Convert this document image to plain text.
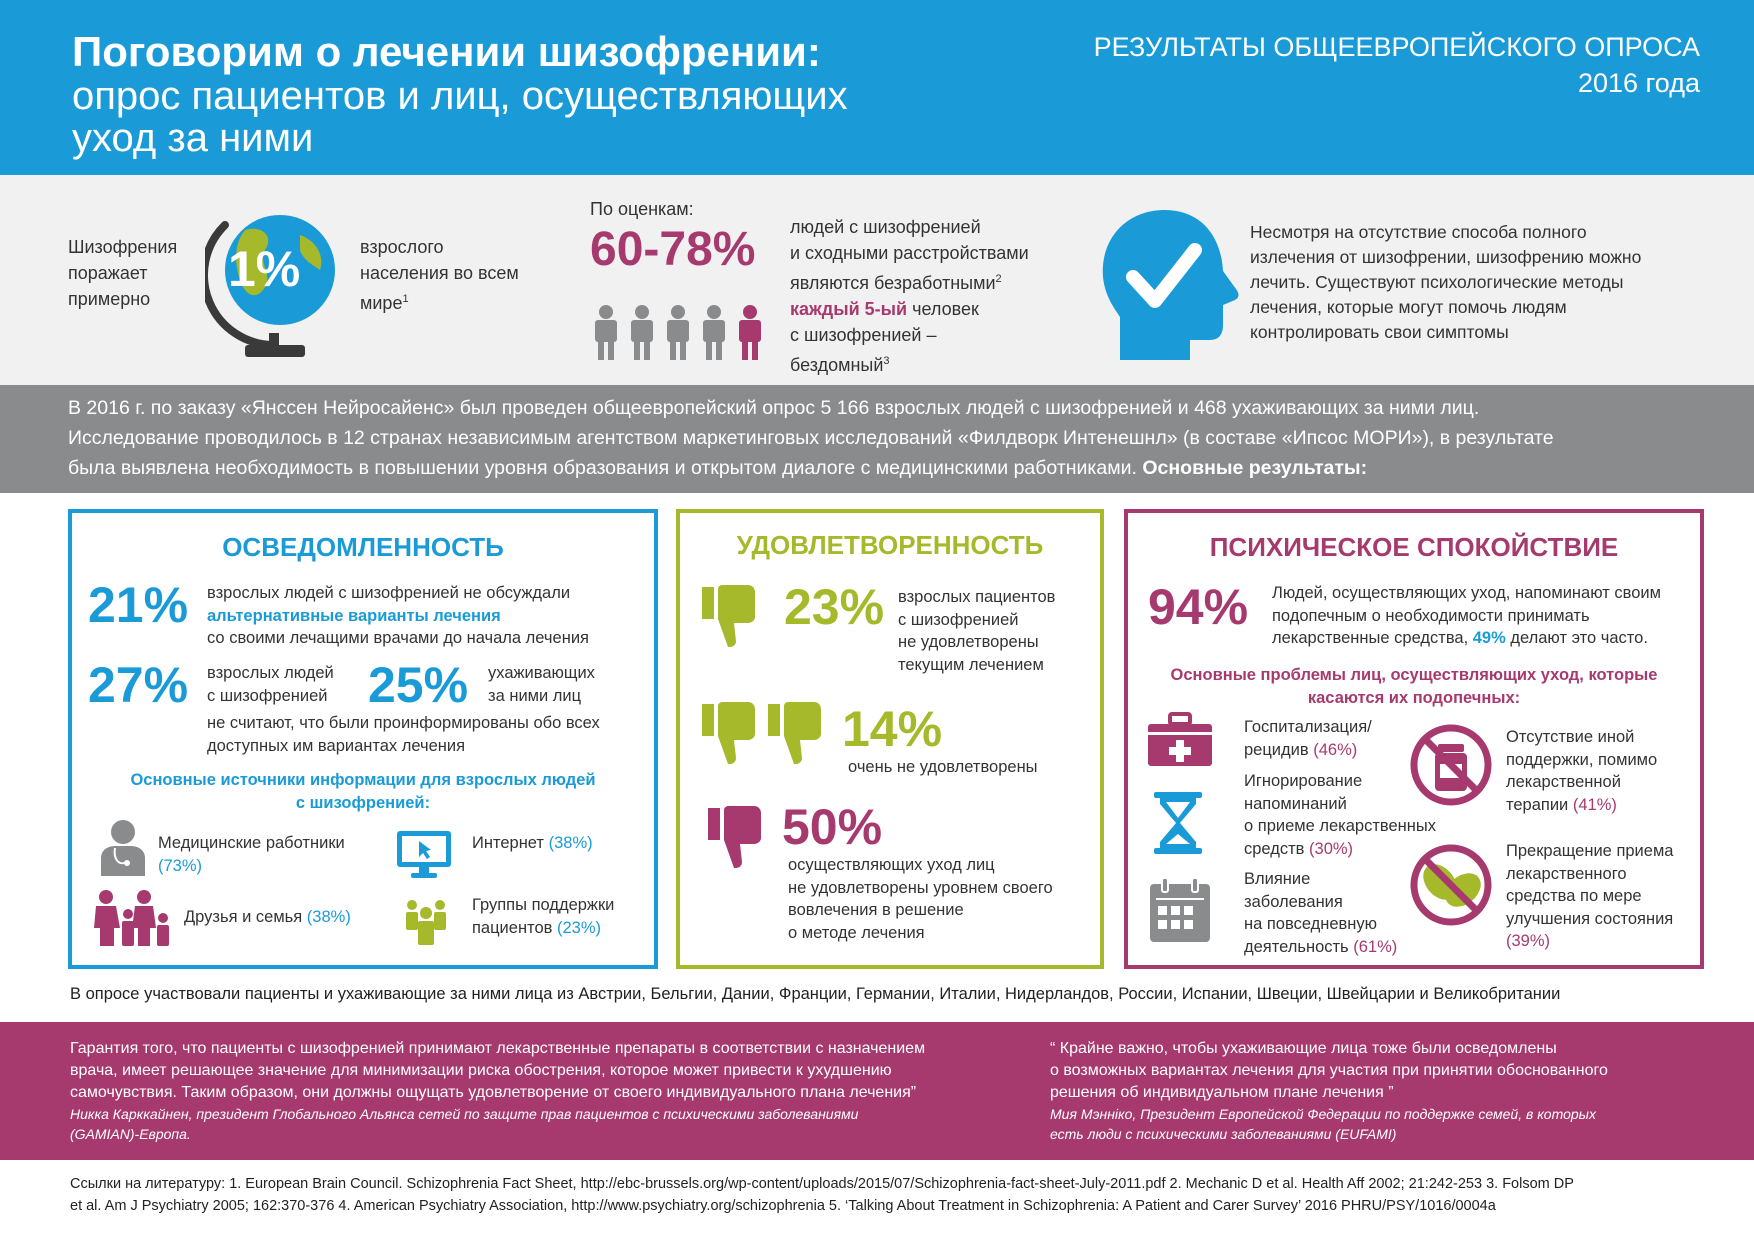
Поговорим о лечении шизофрении:
опрос пациентов и лиц, осуществляющих
уход за ними
РЕЗУЛЬТАТЫ ОБЩЕЕВРОПЕЙСКОГО ОПРОСА
2016 года
Шизофрения
поражает
примерно
1%	взрослого
населения во всем
мире$^1$
По оценкам:
60-78% людей с шизофренией
и сходными расстройствами
являются безработными$^2$
каждый 5-ый человек
с шизофренией –
бездомный$^3$
Несмотря на отсутствие способа полного
излечения от шизофрении, шизофрению можно
лечить. Существуют психологические методы
лечения, которые могут помочь людям
контролировать свои симптомы
В 2016 г. по заказу «Янссен Нейросайенс» был проведен общеевропейский опрос 5 166 взрослых людей с шизофренией и 468 ухаживающих за ними лиц.
Исследование проводилось в 12 странах независимым агентством маркетинговых исследований «Филдворк Интенешнл» (в составе «Ипсос МОРИ»), в результате
была выявлена необходимость в повышении уровня образования и открытом диалоге с медицинскими работниками. Основные результаты:
ОСВЕДОМЛЕННОСТЬ
21% взрослых людей с шизофренией не обсуждали
альтернативные варианты лечения
со своими лечащими врачами до начала лечения
27% взрослых людей
с шизофренией 25% ухаживающих
за ними лиц
не считают, что были проинформированы обо всех
доступных им вариантах лечения
Основные источники информации для взрослых людей
с шизофренией:
Медицинские работники
(73%)
Интернет (38%)
Друзья и семья (38%)
Группы поддержки
пациентов (23%)
УДОВЛЕТВОРЕННОСТЬ
23% взрослых пациентов
с шизофренией
не удовлетворены
текущим лечением
14%
очень не удовлетворены
50%
осуществляющих уход лиц
не удовлетворены уровнем своего
вовлечения в решение
о методе лечения
ПСИХИЧЕСКОЕ СПОКОЙСТВИЕ
94% Людей, осуществляющих уход, напоминают своим
подопечным о необходимости принимать
лекарственные средства, 49% делают это часто.
Основные проблемы лиц, осуществляющих уход, которые
касаются их подопечных:
Госпитализация/
рецидив (46%)
Игнорирование
напоминаний
о приеме лекарственных
средств (30%)
Влияние
заболевания
на повседневную
деятельность (61%)
Отсутствие иной
поддержки, помимо
лекарственной
терапии (41%)
Прекращение приема
лекарственного
средства по мере
улучшения состояния
(39%)
В опросе участвовали пациенты и ухаживающие за ними лица из Австрии, Бельгии, Дании, Франции, Германии, Италии, Нидерландов, России, Испании, Швеции, Швейцарии и Великобритании
Гарантия того, что пациенты с шизофренией принимают лекарственные препараты в соответствии с назначением
врача, имеет решающее значение для минимизации риска обострения, которое может привести к ухудшению
самочувствия. Таким образом, они должны ощущать удовлетворение от своего индивидуального плана лечения”
Никка Карккайнен, президент Глобального Альянса сетей по защите прав пациентов с психическими заболеваниями
(GAMIAN)-Европа.
“ Крайне важно, чтобы ухаживающие лица тоже были осведомлены
о возможных вариантах лечения для участия при принятии обоснованного
решения об индивидуальном плане лечения ”
Мия Мэнніко, Президент Европейской Федерации по поддержке семей, в которых
есть люди с психическими заболеваниями (EUFAMI)
Ссылки на литературу: 1. European Brain Council. Schizophrenia Fact Sheet, http://ebc-brussels.org/wp-content/uploads/2015/07/Schizophrenia-fact-sheet-July-2011.pdf 2. Mechanic D et al. Health Aff 2002; 21:242-253 3. Folsom DP
et al. Am J Psychiatry 2005; 162:370-376 4. American Psychiatry Association, http://www.psychiatry.org/schizophrenia 5. ‘Talking About Treatment in Schizophrenia: A Patient and Carer Survey’ 2016 PHRU/PSY/1016/0004a
